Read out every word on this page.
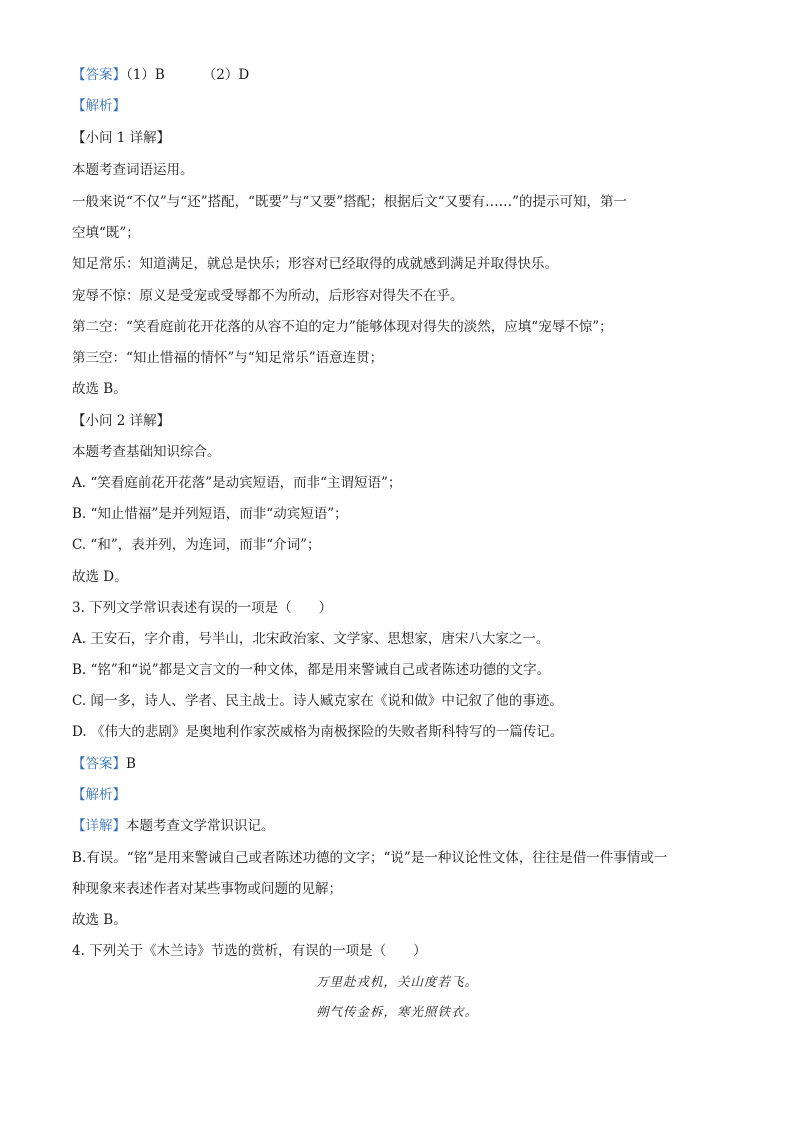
【答案】（1）B	（2）D
【解析】
【小问 1 详解】
本题考查词语运用。
一般来说“不仅”与“还”搭配，“既要”与“又要”搭配；根据后文“又要有……”的提示可知，第一
空填“既”；
知足常乐：知道满足，就总是快乐；形容对已经取得的成就感到满足并取得快乐。
宠辱不惊：原义是受宠或受辱都不为所动，后形容对得失不在乎。
第二空：“笑看庭前花开花落的从容不迫的定力”能够体现对得失的淡然，应填“宠辱不惊”；
第三空：“知止惜福的情怀”与“知足常乐”语意连贯；
故选 B。
【小问 2 详解】
本题考查基础知识综合。
A. “笑看庭前花开花落”是动宾短语，而非“主谓短语”；
B. “知止惜福”是并列短语，而非“动宾短语”；
C. “和”，表并列，为连词，而非“介词”；
故选 D。
3. 下列文学常识表述有误的一项是（　　）
A. 王安石，字介甫，号半山，北宋政治家、文学家、思想家，唐宋八大家之一。
B. “铭”和“说”都是文言文的一种文体，都是用来警诫自己或者陈述功德的文字。
C. 闻一多，诗人、学者、民主战士。诗人臧克家在《说和做》中记叙了他的事迹。
D. 《伟大的悲剧》是奥地利作家茨威格为南极探险的失败者斯科特写的一篇传记。
【答案】B
【解析】
【详解】本题考查文学常识识记。
B.有误。“铭”是用来警诫自己或者陈述功德的文字；“说”是一种议论性文体，往往是借一件事情或一
种现象来表述作者对某些事物或问题的见解；
故选 B。
4. 下列关于《木兰诗》节选的赏析，有误的一项是（　　）
万里赴戎机，关山度若飞。
朔气传金柝，寒光照铁衣。
